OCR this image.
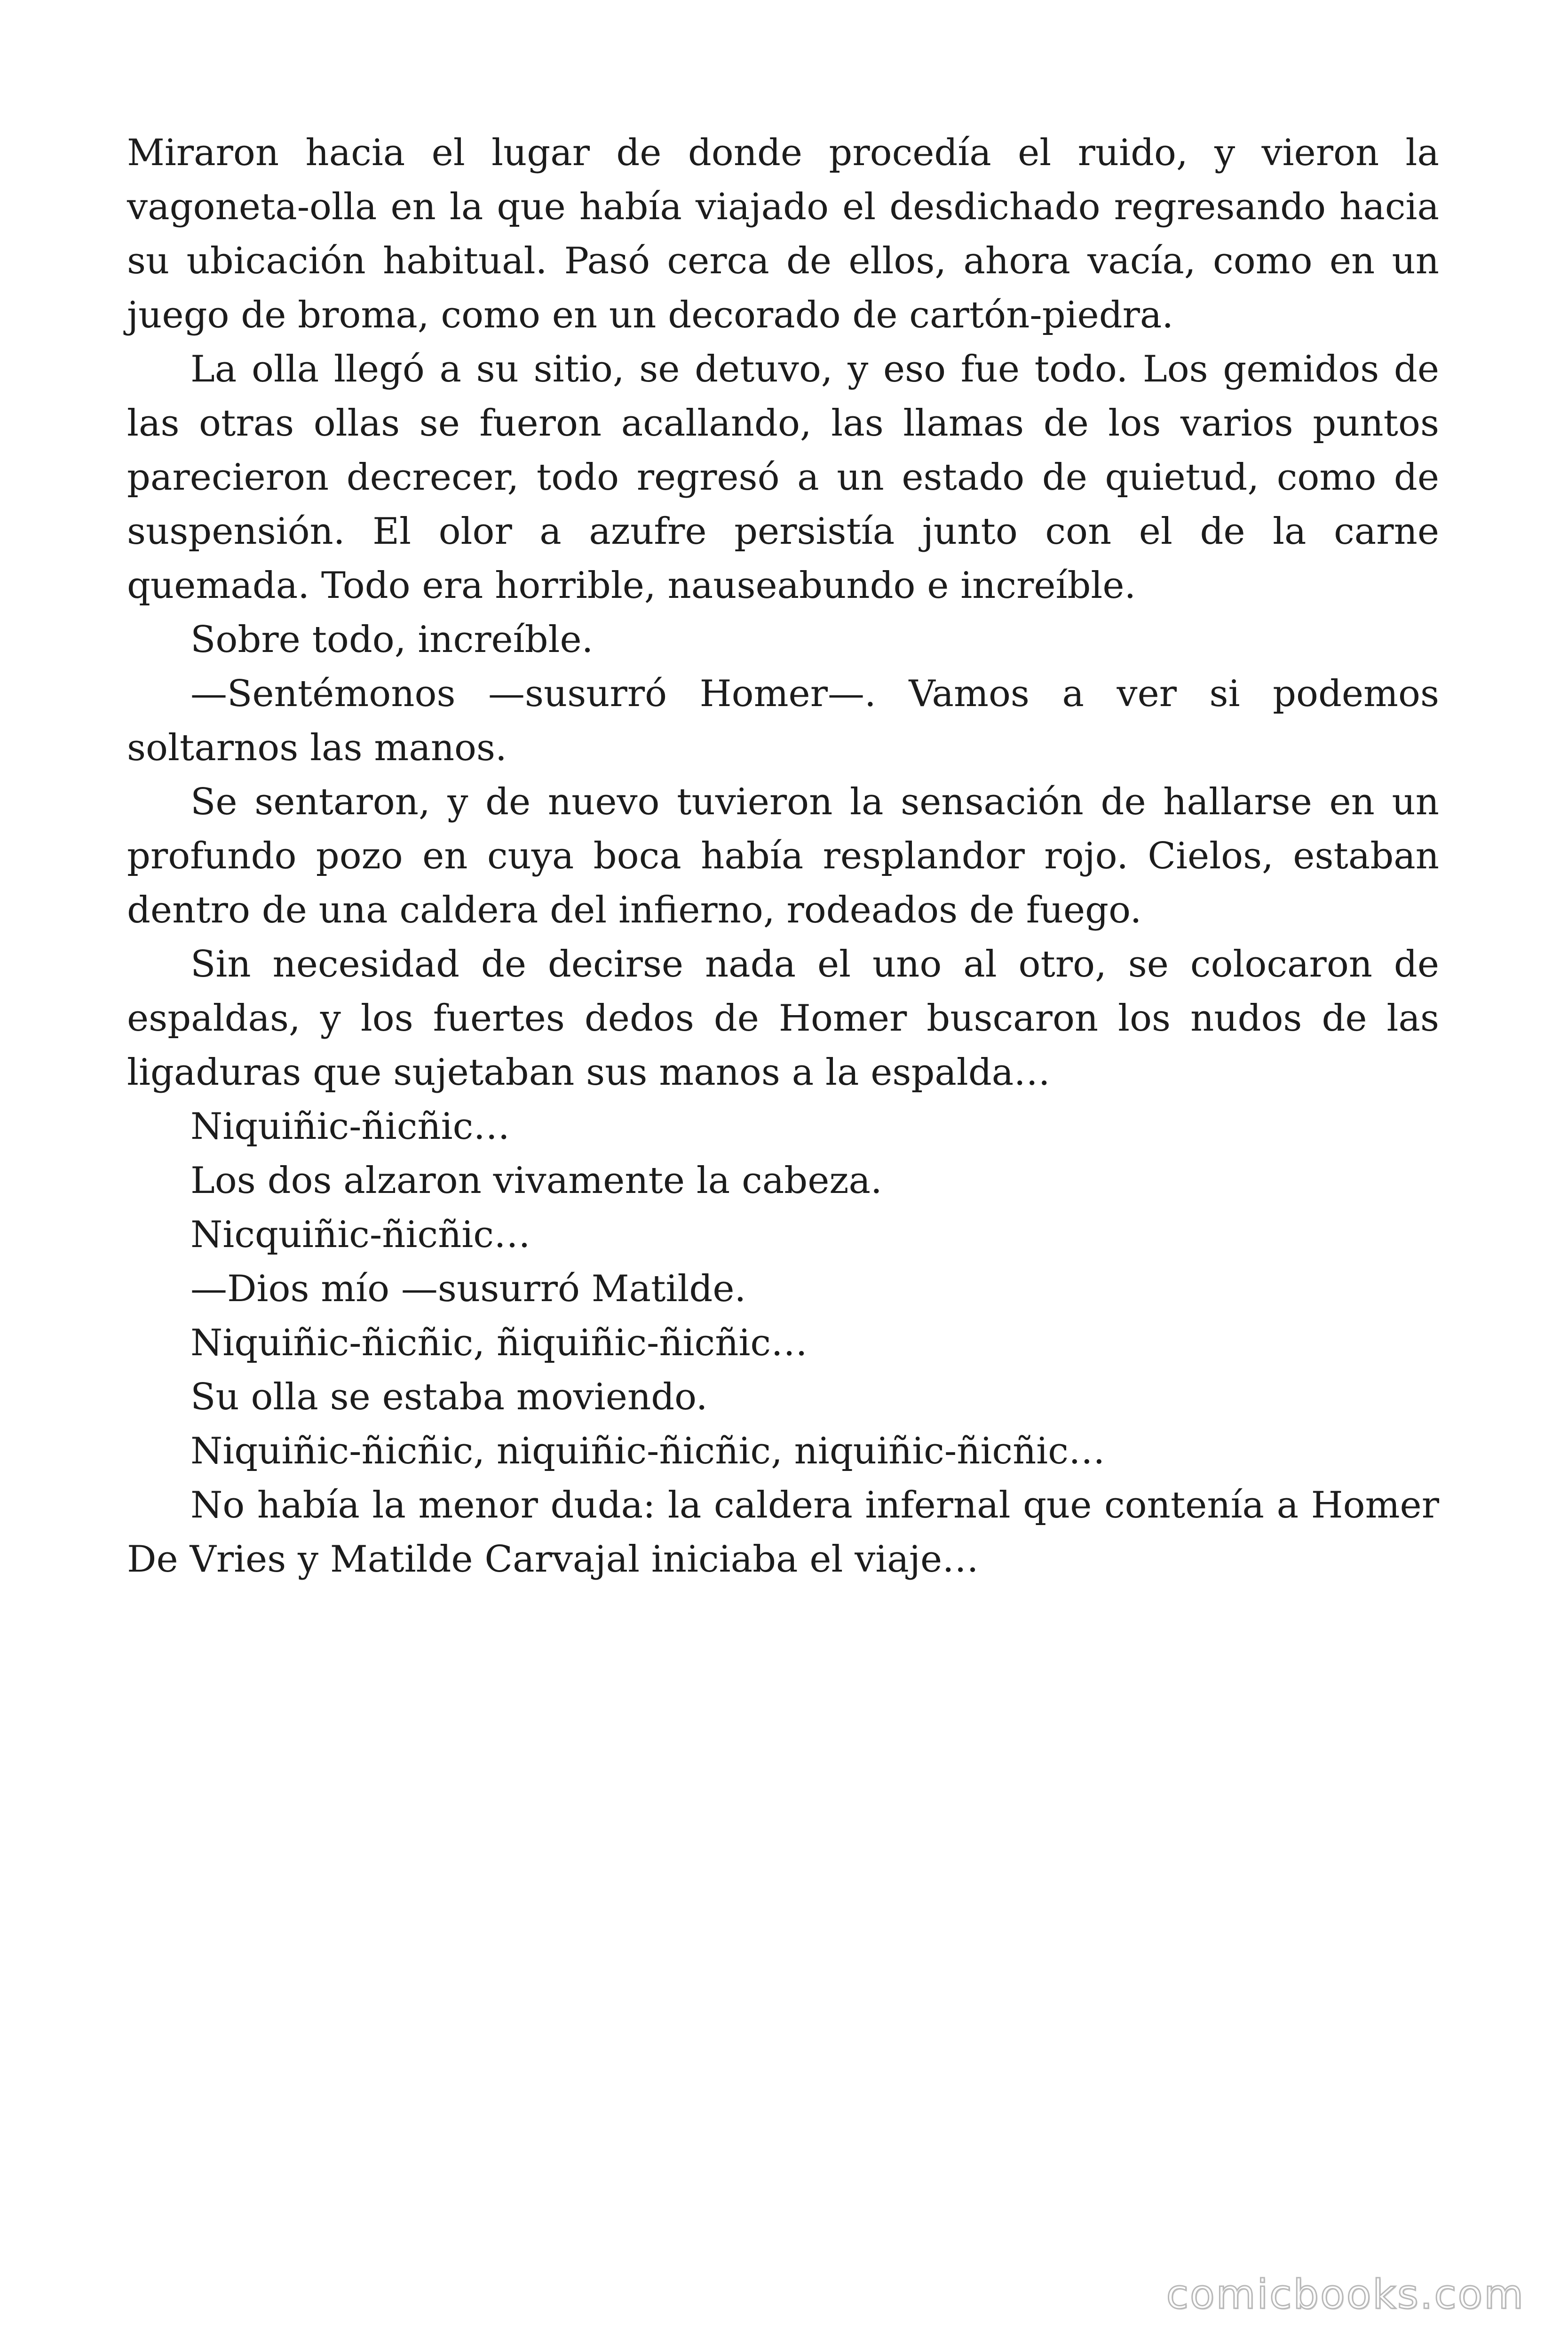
Miraron hacia el lugar de donde procedía el ruido, y vieron la vagoneta-olla en la que había viajado el desdichado regresando hacia su ubicación habitual. Pasó cerca de ellos, ahora vacía, como en un juego de broma, como en un decorado de cartón-piedra.

La olla llegó a su sitio, se detuvo, y eso fue todo. Los gemidos de las otras ollas se fueron acallando, las llamas de los varios puntos parecieron decrecer, todo regresó a un estado de quietud, como de suspensión. El olor a azufre persistía junto con el de la carne quemada. Todo era horrible, nauseabundo e increíble.

Sobre todo, increíble.

—Sentémonos —susurró Homer—. Vamos a ver si podemos soltarnos las manos.

Se sentaron, y de nuevo tuvieron la sensación de hallarse en un profundo pozo en cuya boca había resplandor rojo. Cielos, estaban dentro de una caldera del infierno, rodeados de fuego.

Sin necesidad de decirse nada el uno al otro, se colocaron de espaldas, y los fuertes dedos de Homer buscaron los nudos de las ligaduras que sujetaban sus manos a la espalda…

Niquiñic-ñicñic…

Los dos alzaron vivamente la cabeza.

Nicquiñic-ñicñic…

—Dios mío —susurró Matilde.

Niquiñic-ñicñic, ñiquiñic-ñicñic…

Su olla se estaba moviendo.

Niquiñic-ñicñic, niquiñic-ñicñic, niquiñic-ñicñic…

No había la menor duda: la caldera infernal que contenía a Homer De Vries y Matilde Carvajal iniciaba el viaje…

comicbooks.com
